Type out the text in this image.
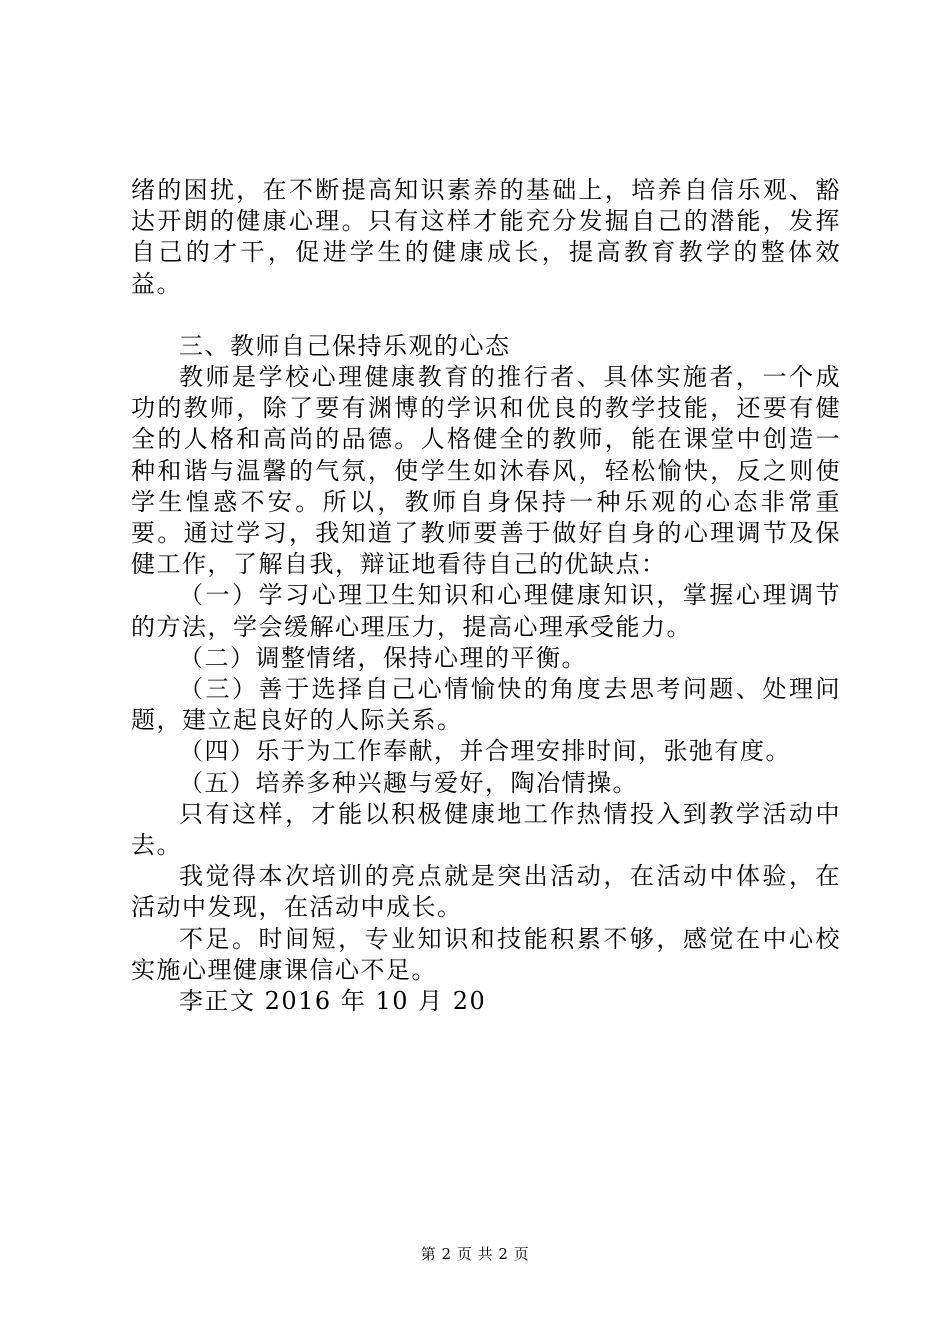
绪的困扰，在不断提高知识素养的基础上，培养自信乐观、豁达开朗的健康心理。只有这样才能充分发掘自己的潜能，发挥自己的才干，促进学生的健康成长，提高教育教学的整体效益。

三、教师自己保持乐观的心态

教师是学校心理健康教育的推行者、具体实施者，一个成功的教师，除了要有渊博的学识和优良的教学技能，还要有健全的人格和高尚的品德。人格健全的教师，能在课堂中创造一种和谐与温馨的气氛，使学生如沐春风，轻松愉快，反之则使学生惶惑不安。所以，教师自身保持一种乐观的心态非常重要。通过学习，我知道了教师要善于做好自身的心理调节及保健工作，了解自我，辩证地看待自己的优缺点：

（一）学习心理卫生知识和心理健康知识，掌握心理调节的方法，学会缓解心理压力，提高心理承受能力。

（二）调整情绪，保持心理的平衡。

（三）善于选择自己心情愉快的角度去思考问题、处理问题，建立起良好的人际关系。

（四）乐于为工作奉献，并合理安排时间，张弛有度。

（五）培养多种兴趣与爱好，陶冶情操。

只有这样，才能以积极健康地工作热情投入到教学活动中去。

我觉得本次培训的亮点就是突出活动，在活动中体验，在活动中发现，在活动中成长。

不足。时间短，专业知识和技能积累不够，感觉在中心校实施心理健康课信心不足。

李正文 2016 年 10 月 20

第 2 页 共 2 页
